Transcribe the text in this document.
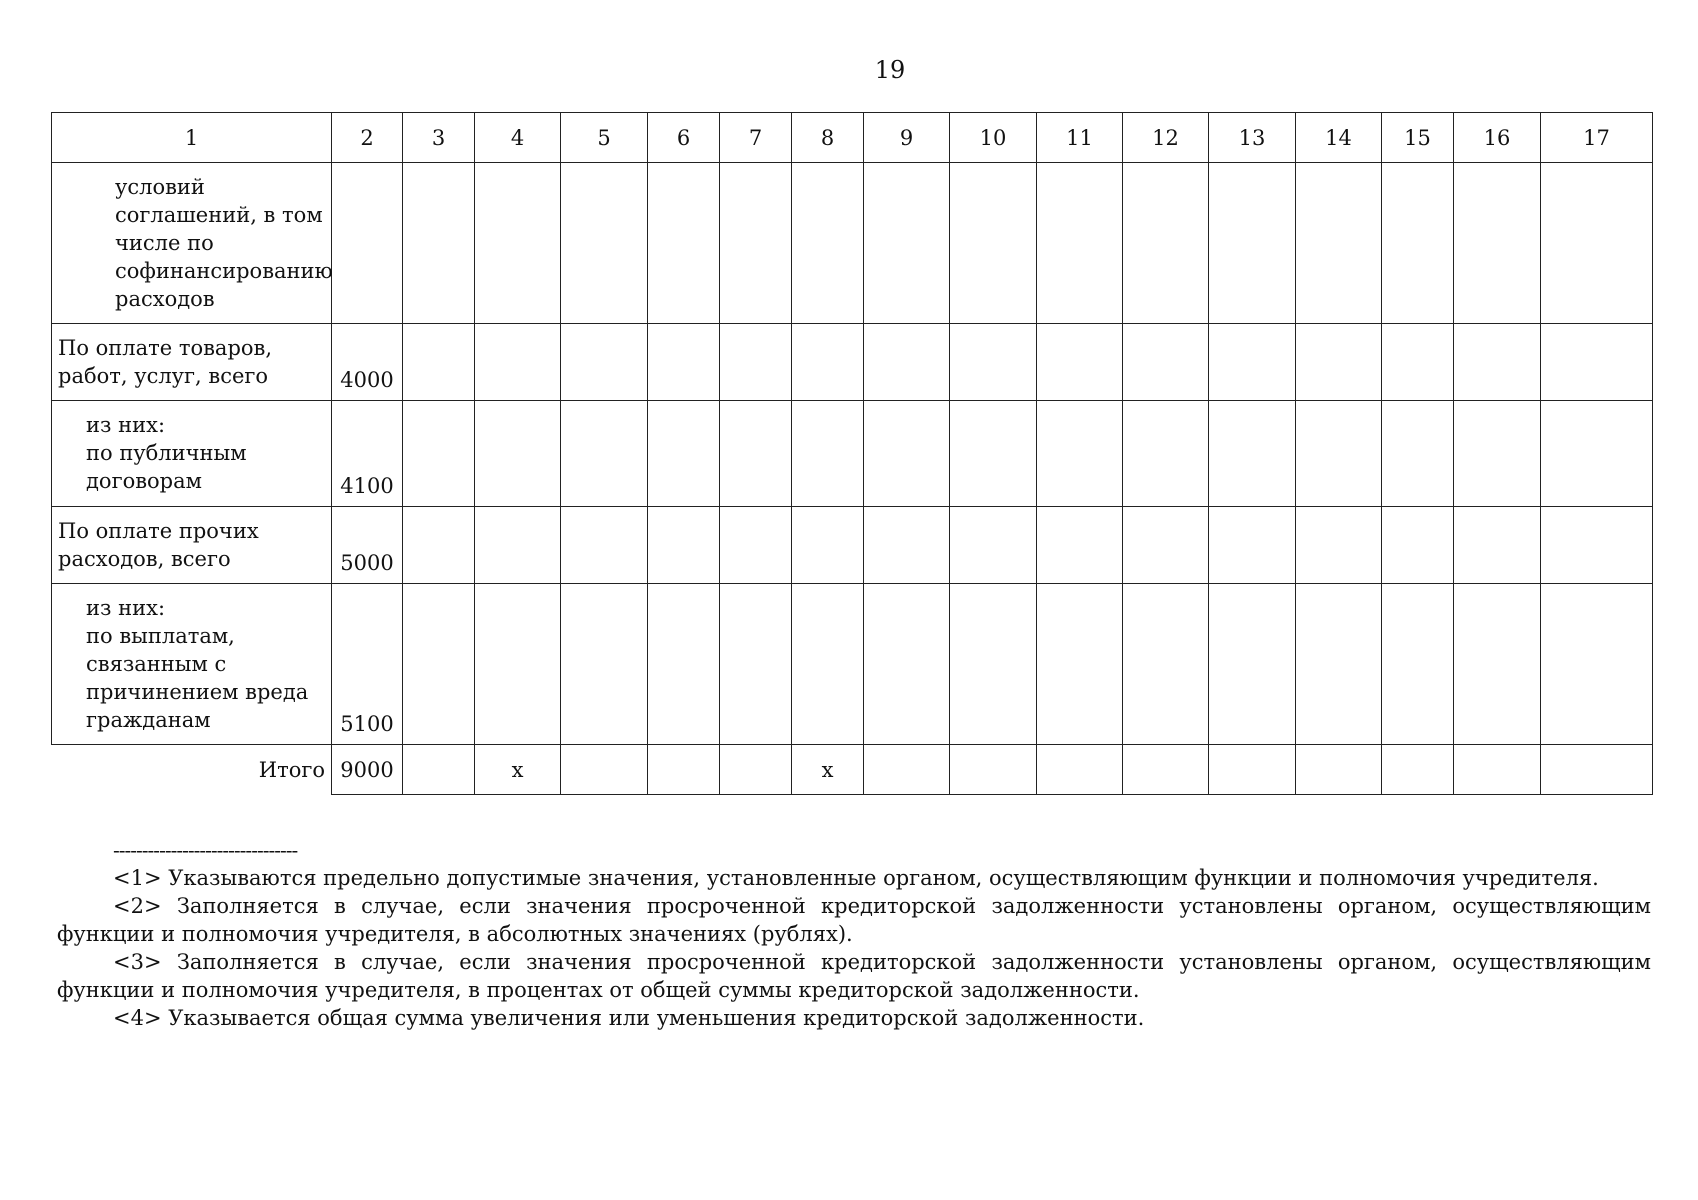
19
1	2	3	4	5	6	7	8	9	10	11	12	13	14	15	16	17
условий
соглашений, в том
числе по
софинансированию
расходов																
По оплате товаров,
работ, услуг, всего	4000															
из них:
по публичным
договорам	4100															
По оплате прочих
расходов, всего	5000															
из них:
по выплатам,
связанным с
причинением вреда
гражданам	5100															
Итого	9000		x				x									
--------------------------------

<1> Указываются предельно допустимые значения, установленные органом, осуществляющим функции и полномочия учредителя.

<2> Заполняется в случае, если значения просроченной кредиторской задолженности установлены органом, осуществляющим функции и полномочия учредителя, в абсолютных значениях (рублях).

<3> Заполняется в случае, если значения просроченной кредиторской задолженности установлены органом, осуществляющим функции и полномочия учредителя, в процентах от общей суммы кредиторской задолженности.

<4> Указывается общая сумма увеличения или уменьшения кредиторской задолженности.
